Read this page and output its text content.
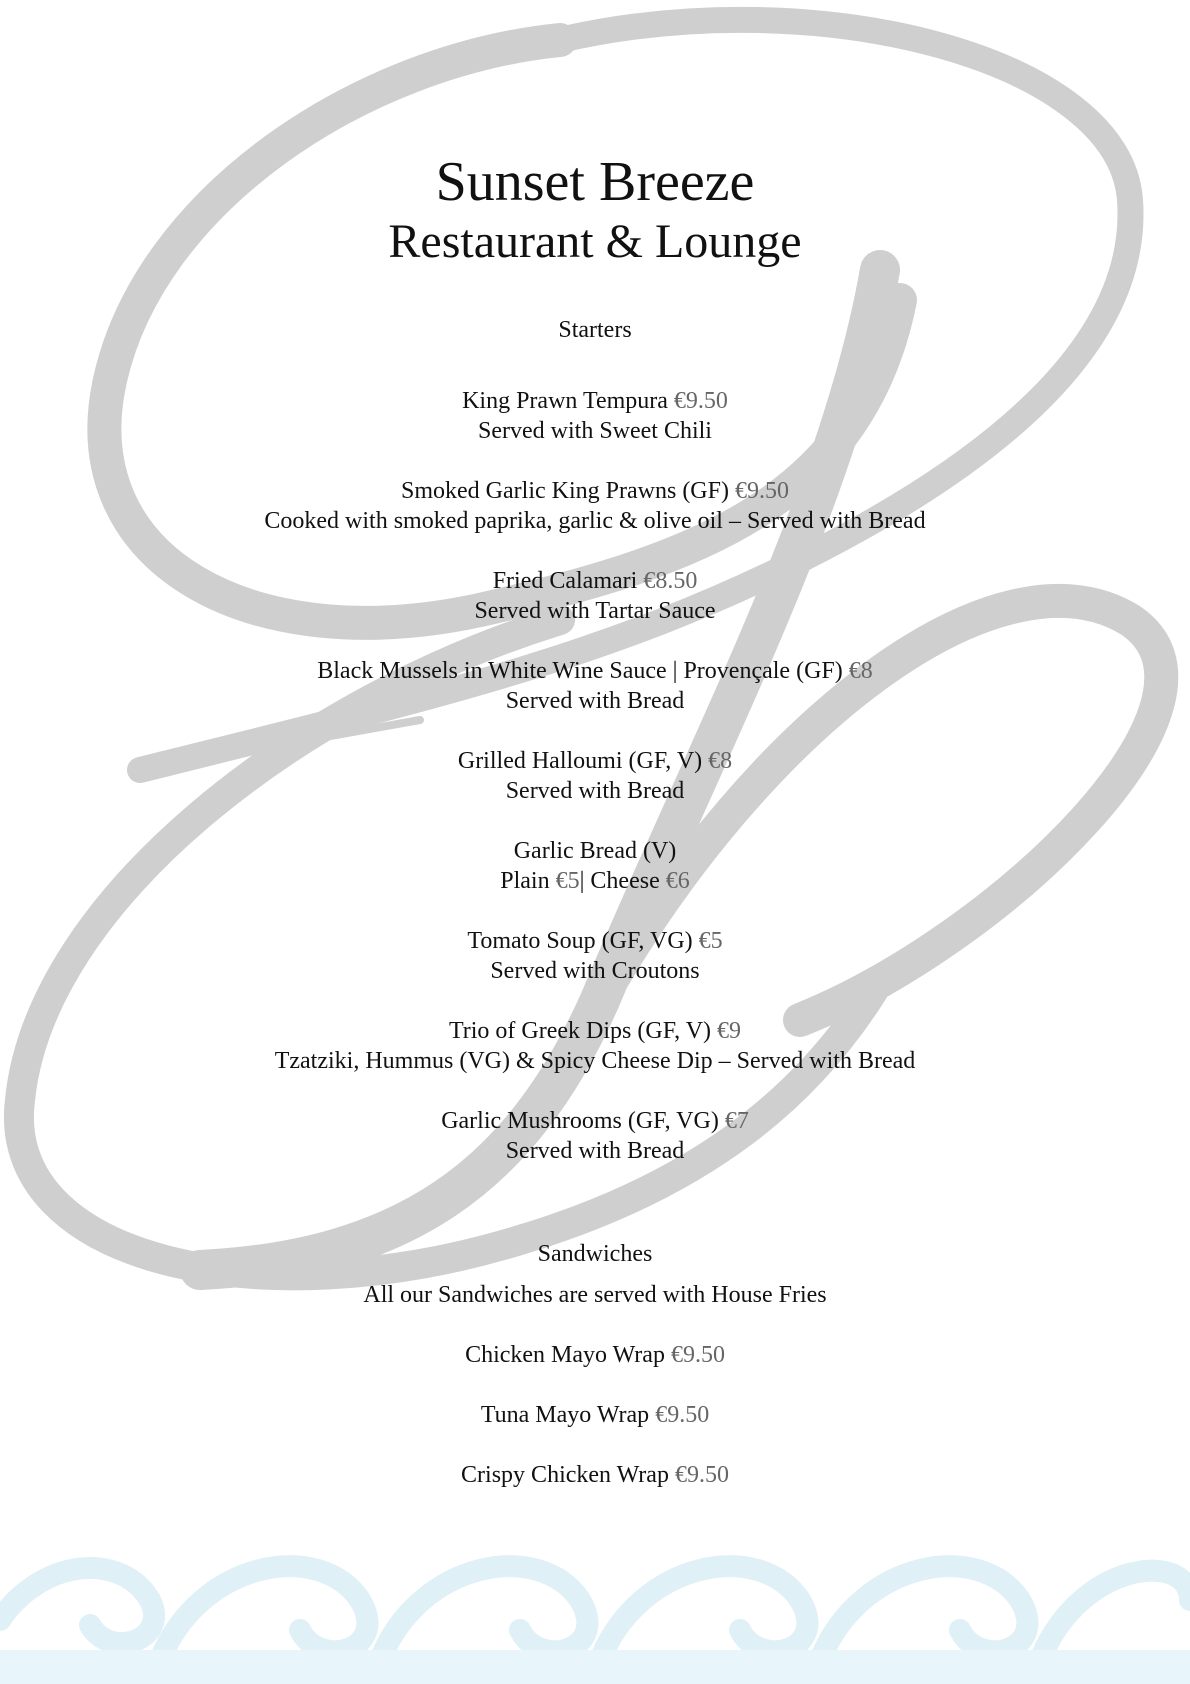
Sunset Breeze
Restaurant & Lounge
Starters
King Prawn Tempura €9.50
Served with Sweet Chili
Smoked Garlic King Prawns (GF) €9.50
Cooked with smoked paprika, garlic & olive oil – Served with Bread
Fried Calamari €8.50
Served with Tartar Sauce
Black Mussels in White Wine Sauce | Provençale (GF) €8
Served with Bread
Grilled Halloumi (GF, V) €8
Served with Bread
Garlic Bread (V)
Plain €5| Cheese €6
Tomato Soup (GF, VG) €5
Served with Croutons
Trio of Greek Dips (GF, V) €9
Tzatziki, Hummus (VG) & Spicy Cheese Dip – Served with Bread
Garlic Mushrooms (GF, VG) €7
Served with Bread
Sandwiches
All our Sandwiches are served with House Fries
Chicken Mayo Wrap €9.50
Tuna Mayo Wrap €9.50
Crispy Chicken Wrap €9.50
